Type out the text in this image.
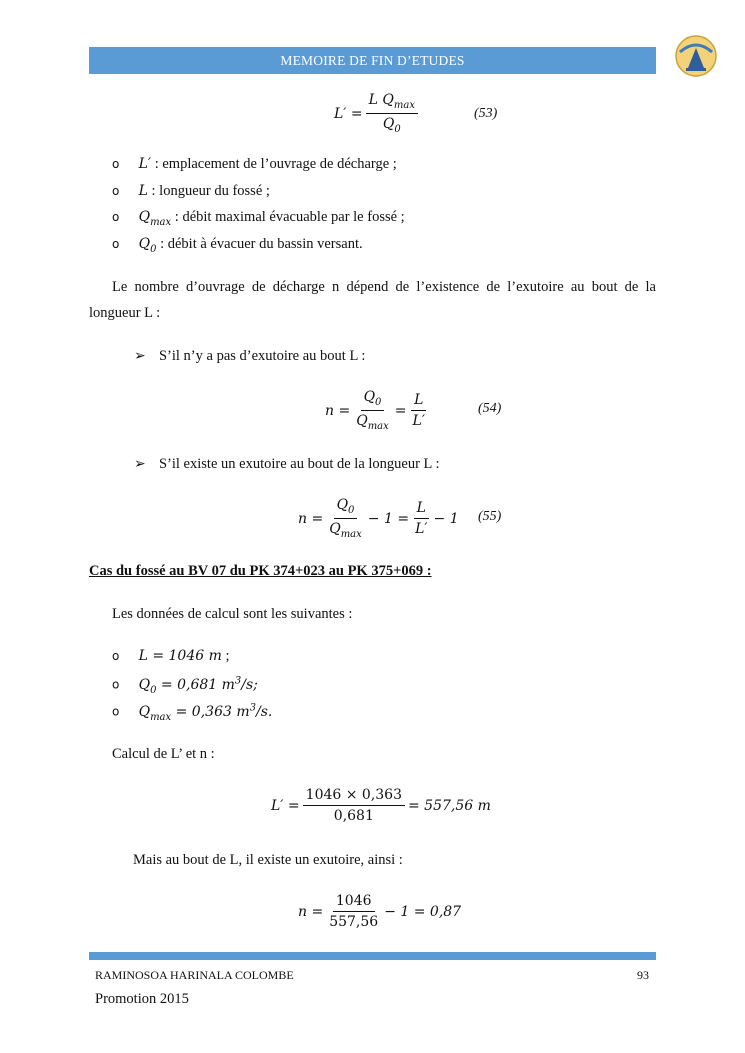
MEMOIRE DE FIN D’ETUDES
$L' = \frac{L Q_{max}}{Q_0}$	(53)
o L′ : emplacement de l’ouvrage de décharge ;
o L : longueur du fossé ;
o $Q_{max}$ : débit maximal évacuable par le fossé ;
o $Q_0$ : débit à évacuer du bassin versant.
Le nombre d’ouvrage de décharge n dépend de l’existence de l’exutoire au bout de la
longueur L :
➢ S’il n’y a pas d’exutoire au bout L :
$n = \frac{Q_0}{Q_{max}} = \frac{L}{L'}$	(54)
➢ S’il existe un exutoire au bout de la longueur L :
$n = \frac{Q_0}{Q_{max}} - 1 = \frac{L}{L'} - 1$ (55)
Cas du fossé au BV 07 du PK 374+023 au PK 375+069 :
Les données de calcul sont les suivantes :
o L = 1046 m ;
o $Q_0 = 0,681$ $m^3/s$;
o $Q_{max} = 0,363$ $m^3/s$.
Calcul de L’ et n :
$L' = \frac{1046 \times 0,363}{0,681} = 557,56$ m
Mais au bout de L, il existe un exutoire, ainsi :
$n = \frac{1046}{557,56} - 1 = 0,87$
RAMINOSOA HARINALA COLOMBE	93
Promotion 2015
